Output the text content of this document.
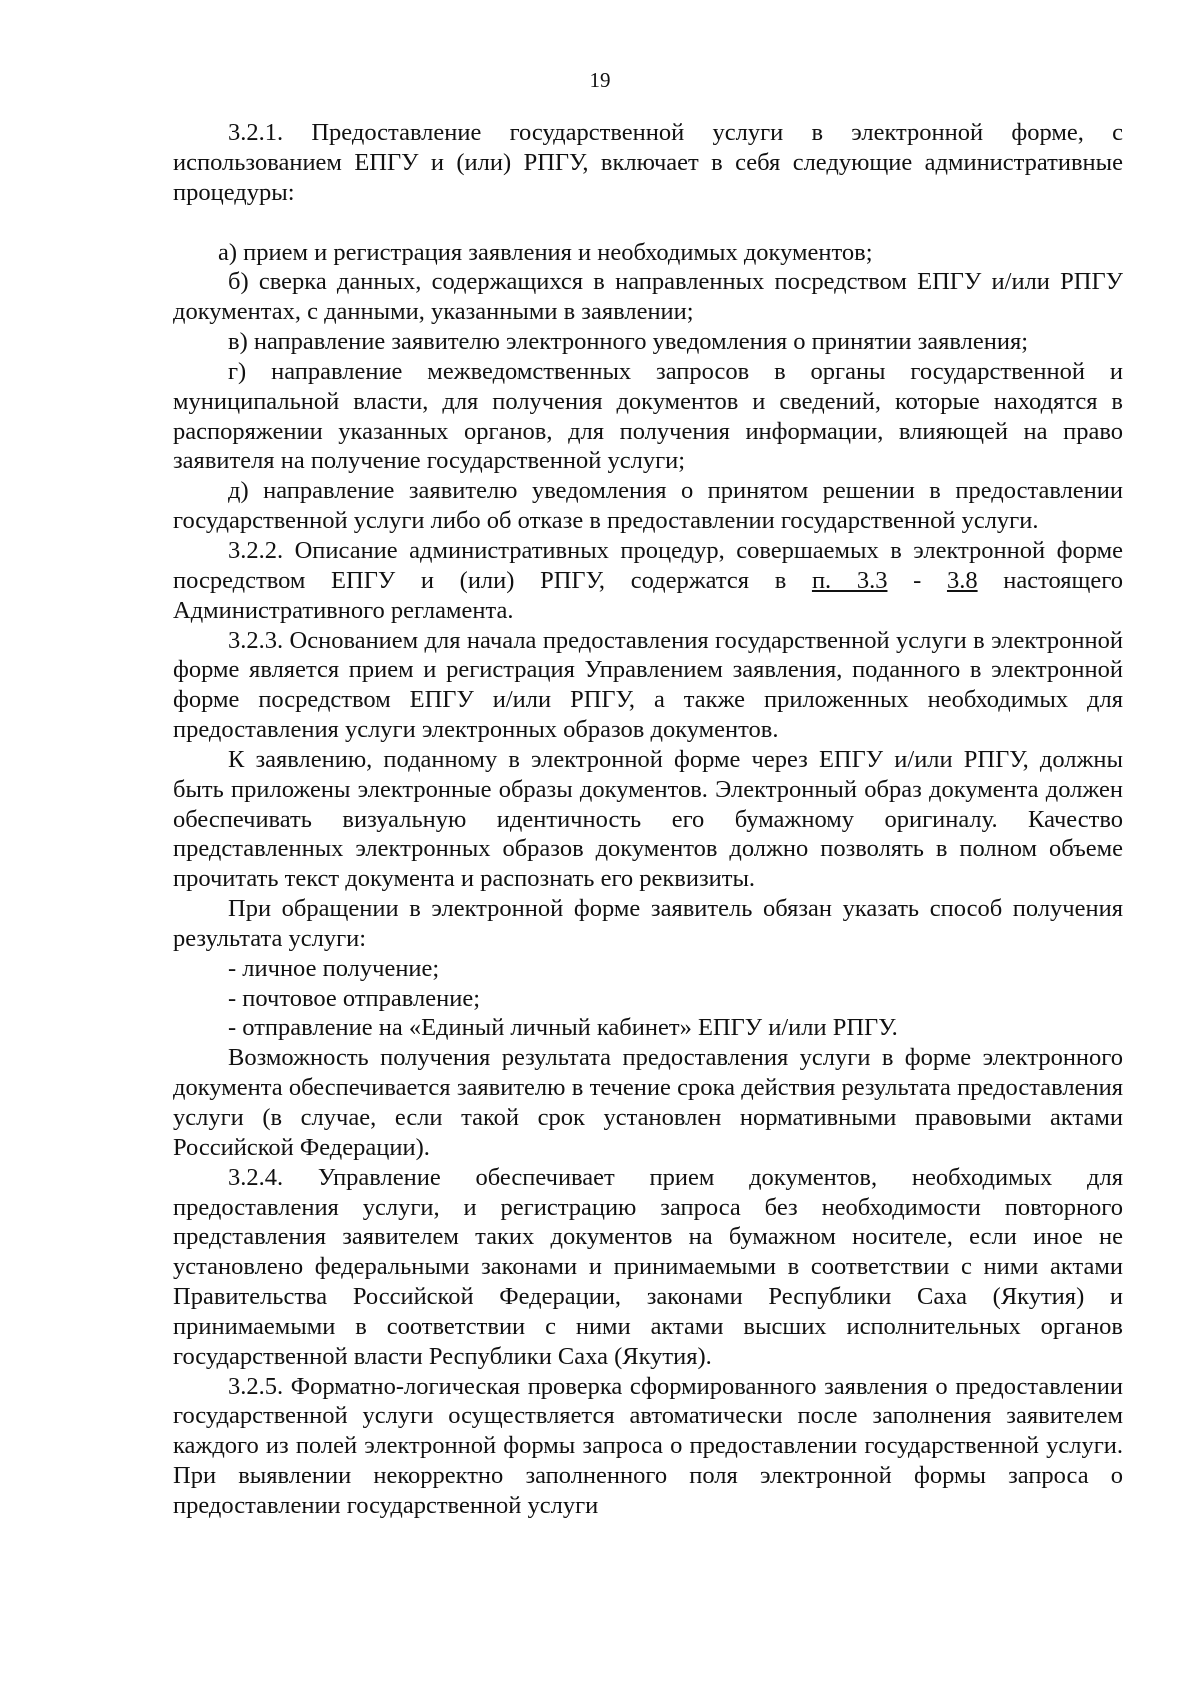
19

3.2.1. Предоставление государственной услуги в электронной форме, с использованием ЕПГУ и (или) РПГУ, включает в себя следующие административные процедуры:

а) прием и регистрация заявления и необходимых документов;

б) сверка данных, содержащихся в направленных посредством ЕПГУ и/или РПГУ документах, с данными, указанными в заявлении;

в) направление заявителю электронного уведомления о принятии заявления;

г) направление межведомственных запросов в органы государственной и муниципальной власти, для получения документов и сведений, которые находятся в распоряжении указанных органов, для получения информации, влияющей на право заявителя на получение государственной услуги;

д) направление заявителю уведомления о принятом решении в предоставлении государственной услуги либо об отказе в предоставлении государственной услуги.

3.2.2. Описание административных процедур, совершаемых в электронной форме посредством ЕПГУ и (или) РПГУ, содержатся в п. 3.3 - 3.8 настоящего Административного регламента.

3.2.3. Основанием для начала предоставления государственной услуги в электронной форме является прием и регистрация Управлением заявления, поданного в электронной форме посредством ЕПГУ и/или РПГУ, а также приложенных необходимых для предоставления услуги электронных образов документов.

К заявлению, поданному в электронной форме через ЕПГУ и/или РПГУ, должны быть приложены электронные образы документов. Электронный образ документа должен обеспечивать визуальную идентичность его бумажному оригиналу. Качество представленных электронных образов документов должно позволять в полном объеме прочитать текст документа и распознать его реквизиты.

При обращении в электронной форме заявитель обязан указать способ получения результата услуги:

- личное получение;

- почтовое отправление;

- отправление на «Единый личный кабинет» ЕПГУ и/или РПГУ.

Возможность получения результата предоставления услуги в форме электронного документа обеспечивается заявителю в течение срока действия результата предоставления услуги (в случае, если такой срок установлен нормативными правовыми актами Российской Федерации).

3.2.4. Управление обеспечивает прием документов, необходимых для предоставления услуги, и регистрацию запроса без необходимости повторного представления заявителем таких документов на бумажном носителе, если иное не установлено федеральными законами и принимаемыми в соответствии с ними актами Правительства Российской Федерации, законами Республики Саха (Якутия) и принимаемыми в соответствии с ними актами высших исполнительных органов государственной власти Республики Саха (Якутия).

3.2.5. Форматно-логическая проверка сформированного заявления о предоставлении государственной услуги осуществляется автоматически после заполнения заявителем каждого из полей электронной формы запроса о предоставлении государственной услуги. При выявлении некорректно заполненного поля электронной формы запроса о предоставлении государственной услуги
